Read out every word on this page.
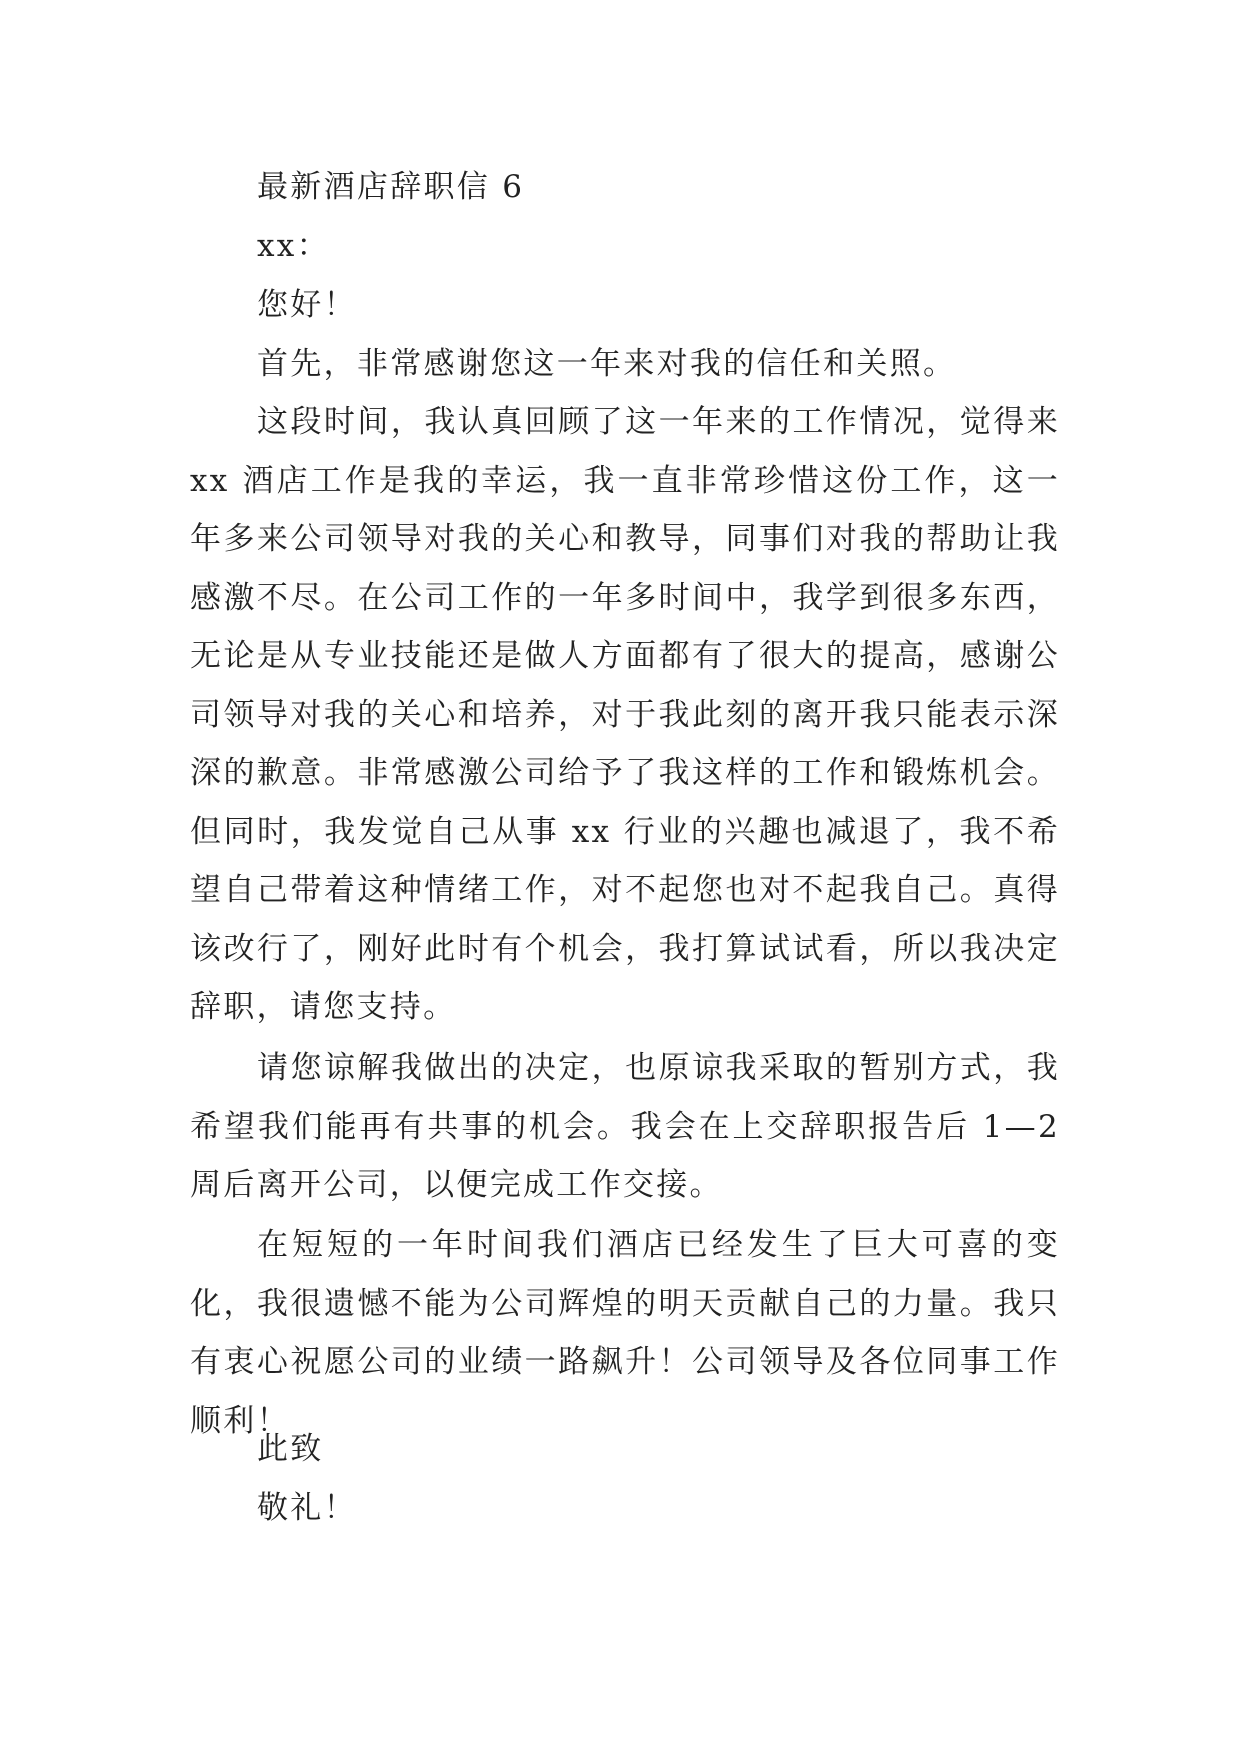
最新酒店辞职信 6
xx：
您好！
首先，非常感谢您这一年来对我的信任和关照。
这段时间，我认真回顾了这一年来的工作情况，觉得来 xx 酒店工作是我的幸运，我一直非常珍惜这份工作，这一年多来公司领导对我的关心和教导，同事们对我的帮助让我感激不尽。在公司工作的一年多时间中，我学到很多东西，无论是从专业技能还是做人方面都有了很大的提高，感谢公司领导对我的关心和培养，对于我此刻的离开我只能表示深深的歉意。非常感激公司给予了我这样的工作和锻炼机会。但同时，我发觉自己从事 xx 行业的兴趣也减退了，我不希望自己带着这种情绪工作，对不起您也对不起我自己。真得该改行了，刚好此时有个机会，我打算试试看，所以我决定辞职，请您支持。
请您谅解我做出的决定，也原谅我采取的暂别方式，我希望我们能再有共事的机会。我会在上交辞职报告后 1—2 周后离开公司，以便完成工作交接。
在短短的一年时间我们酒店已经发生了巨大可喜的变化，我很遗憾不能为公司辉煌的明天贡献自己的力量。我只有衷心祝愿公司的业绩一路飙升！公司领导及各位同事工作顺利！
此致
敬礼！
